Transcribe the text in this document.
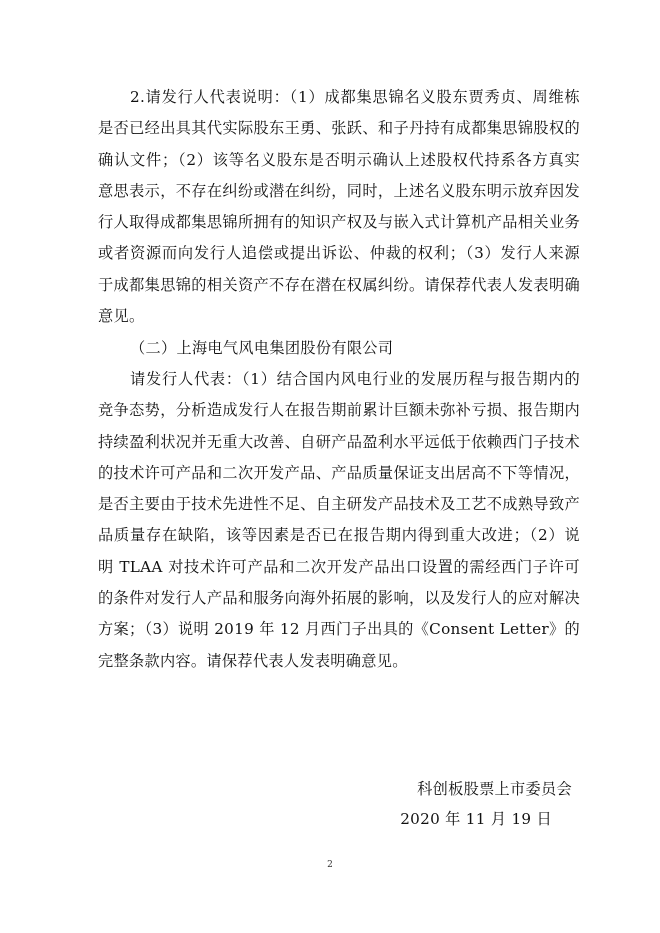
2.请发行人代表说明：（1）成都集思锦名义股东贾秀贞、周维栋是否已经出具其代实际股东王勇、张跃、和子丹持有成都集思锦股权的确认文件；（2）该等名义股东是否明示确认上述股权代持系各方真实意思表示，不存在纠纷或潜在纠纷，同时，上述名义股东明示放弃因发行人取得成都集思锦所拥有的知识产权及与嵌入式计算机产品相关业务或者资源而向发行人追偿或提出诉讼、仲裁的权利；（3）发行人来源于成都集思锦的相关资产不存在潜在权属纠纷。请保荐代表人发表明确意见。

（二）上海电气风电集团股份有限公司

请发行人代表：（1）结合国内风电行业的发展历程与报告期内的竞争态势，分析造成发行人在报告期前累计巨额未弥补亏损、报告期内持续盈利状况并无重大改善、自研产品盈利水平远低于依赖西门子技术的技术许可产品和二次开发产品、产品质量保证支出居高不下等情况，是否主要由于技术先进性不足、自主研发产品技术及工艺不成熟导致产品质量存在缺陷，该等因素是否已在报告期内得到重大改进；（2）说明 TLAA 对技术许可产品和二次开发产品出口设置的需经西门子许可的条件对发行人产品和服务向海外拓展的影响，以及发行人的应对解决方案；（3）说明 2019 年 12 月西门子出具的《Consent Letter》的完整条款内容。请保荐代表人发表明确意见。

科创板股票上市委员会
2020 年 11 月 19 日
2
